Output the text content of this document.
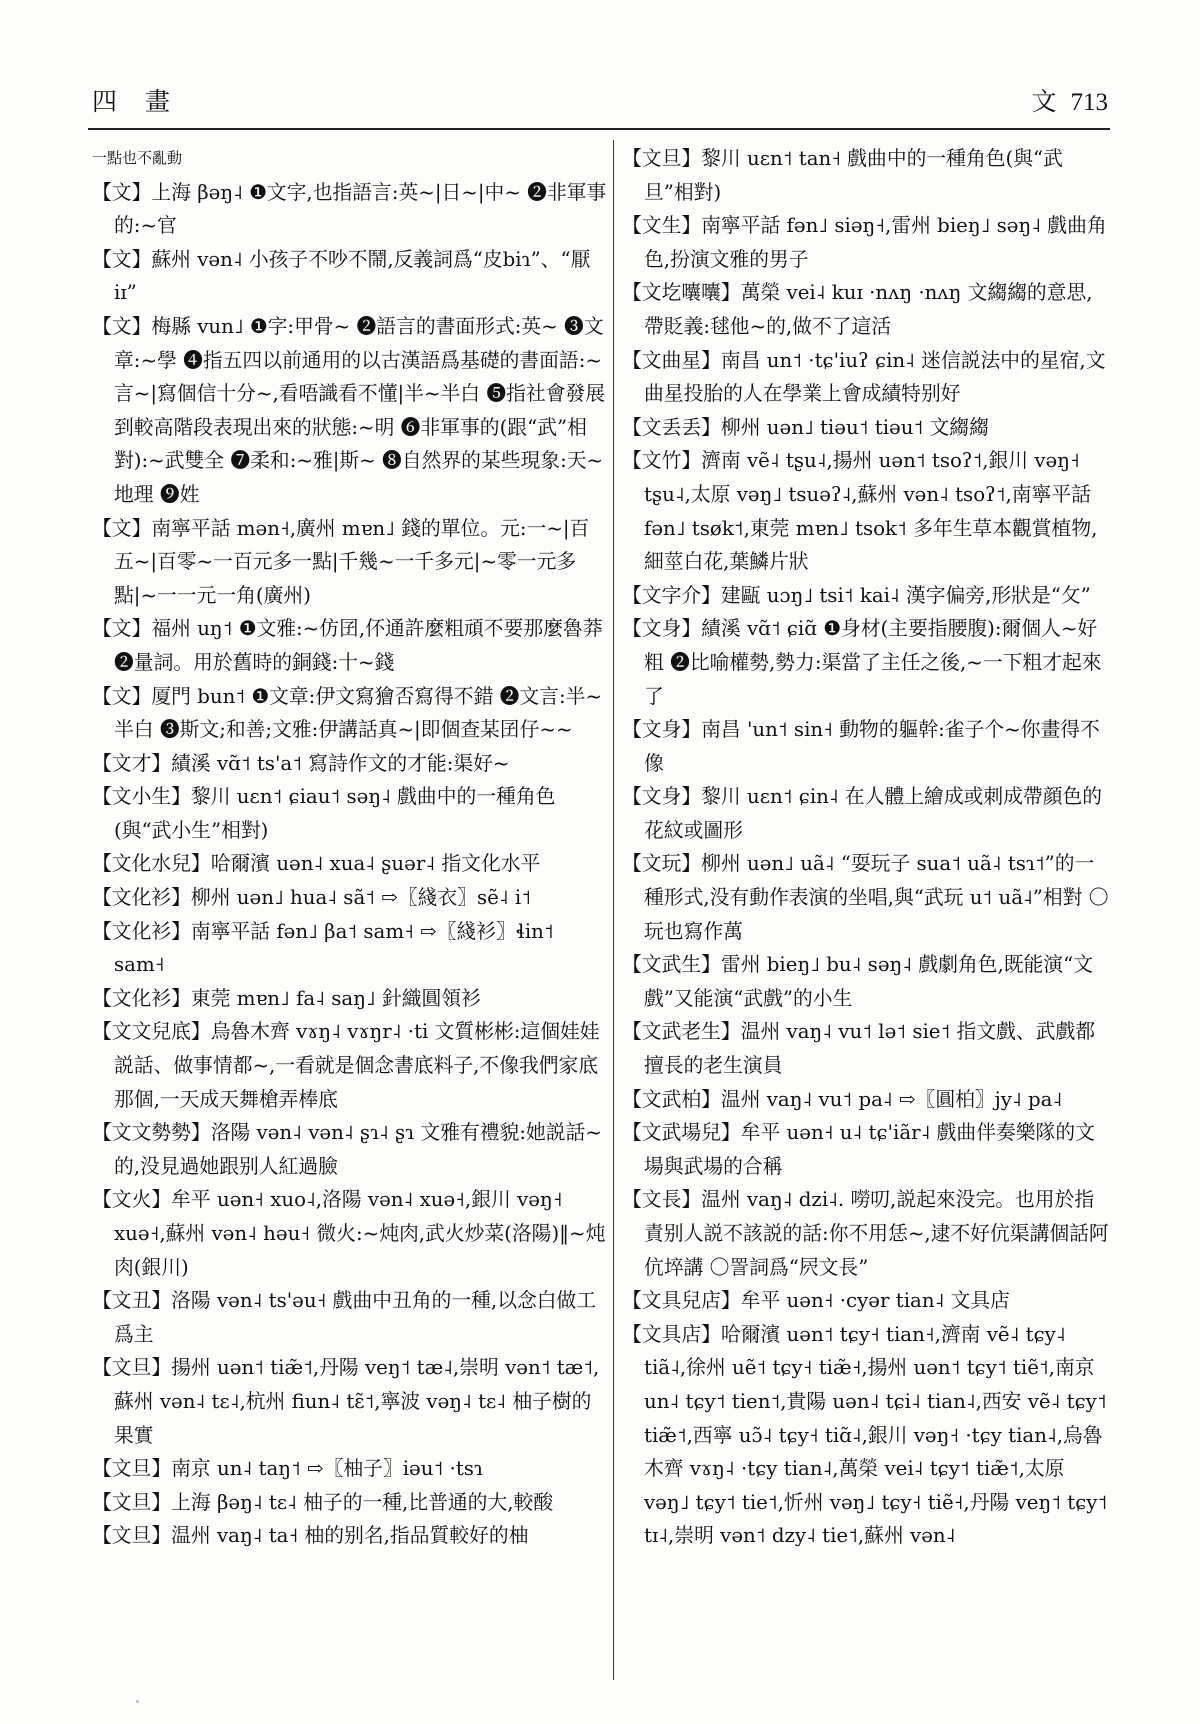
四 畫	文 713

一點也不亂動

【文】上海 βəŋ˨ ❶文字,也指語言:英~|日~|中~ ❷非軍事的:~官

【文】蘇州 vən˨ 小孩子不吵不鬧,反義詞爲“皮biɿ”、“厭 iɪ”

【文】梅縣 vun˩ ❶字:甲骨~ ❷語言的書面形式:英~ ❸文章:~學 ❹指五四以前通用的以古漢語爲基礎的書面語:~言~|寫個信十分~,看唔識看不懂|半~半白 ❺指社會發展到較高階段表現出來的狀態:~明 ❻非軍事的(跟“武”相對):~武雙全 ❼柔和:~雅|斯~ ❽自然界的某些現象:天~地理 ❾姓

【文】南寧平話 mən˧,廣州 mɐn˩ 錢的單位。元:一~|百五~|百零~一百元多一點|千幾~一千多元|~零一元多點|~一一元一角(廣州)

【文】福州 uŋ˦ ❶文雅:~仿囝,伓通許麼粗頑不要那麼魯莽 ❷量詞。用於舊時的銅錢:十~錢

【文】厦門 bun˦ ❶文章:伊文寫獪否寫得不錯 ❷文言:半~半白 ❸斯文;和善;文雅:伊講話真~|即個查某囝仔~~

【文才】績溪 vɑ̃˦ ts'a˦ 寫詩作文的才能:渠好~

【文小生】黎川 uɛn˦ ɕiau˦ səŋ˨ 戲曲中的一種角色(與“武小生”相對)

【文化水兒】哈爾濱 uən˨ xua˨ ʂuər˨ 指文化水平

【文化衫】柳州 uən˩ hua˨ sã˦ ⇨〖綫衣〗sẽ˨ i˦

【文化衫】南寧平話 fən˩ βa˦ sam˧ ⇨〖綫衫〗ɬin˦ sam˧

【文化衫】東莞 mɐn˩ fa˨ saŋ˩ 針織圓領衫

【文文兒底】烏魯木齊 vɤŋ˨ vɤŋr˨ ·ti 文質彬彬:這個娃娃説話、做事情都~,一看就是個念書底料子,不像我們家底那個,一天成天舞槍弄棒底

【文文勢勢】洛陽 vən˨ vən˨ ʂɿ˨ ʂɿ 文雅有禮貌:她説話~的,没見過她跟别人紅過臉

【文火】牟平 uən˧ xuo˨,洛陽 vən˨ xuə˧,銀川 vəŋ˧ xuə˧,蘇州 vən˨ həu˧ 微火:~炖肉,武火炒菜(洛陽)‖~炖肉(銀川)

【文丑】洛陽 vən˨ ts'əu˧ 戲曲中丑角的一種,以念白做工爲主

【文旦】揚州 uən˦ tiæ̃˦,丹陽 veŋ˦ tæ˨,崇明 vən˦ tæ˦,蘇州 vən˨ tɛ˨,杭州 fiun˨ tɛ̃˦,寧波 vəŋ˨ tɛ˨ 柚子樹的果實

【文旦】南京 un˨ taŋ˦ ⇨〖柚子〗iəu˦ ·tsɿ

【文旦】上海 βəŋ˨ tɛ˨ 柚子的一種,比普通的大,較酸

【文旦】温州 vaŋ˨ ta˧ 柚的别名,指品質較好的柚

【文旦】黎川 uɛn˦ tan˧ 戲曲中的一種角色(與“武旦”相對)

【文生】南寧平話 fən˩ siəŋ˧,雷州 bieŋ˩ səŋ˨ 戲曲角色,扮演文雅的男子

【文圪囔囔】萬榮 vei˨ kuɪ ·nʌŋ ·nʌŋ 文縐縐的意思,帶貶義:毬他~的,做不了這活

【文曲星】南昌 un˦ ·tɕ'iuʔ ɕin˨ 迷信説法中的星宿,文曲星投胎的人在學業上會成績特别好

【文丢丢】柳州 uən˩ tiəu˦ tiəu˦ 文縐縐

【文竹】濟南 vẽ˨ tʂu˨,揚州 uən˦ tsoʔ˦,銀川 vəŋ˧ tʂu˨,太原 vəŋ˩ tsuəʔ˨,蘇州 vən˨ tsoʔ˦,南寧平話 fən˩ tsøk˦,東莞 mɐn˩ tsok˦ 多年生草本觀賞植物,細莖白花,葉鱗片狀

【文字介】建甌 uɔŋ˩ tsi˦ kai˨ 漢字偏旁,形狀是“⺙”

【文身】績溪 vɑ̃˦ ɕiɑ̃ ❶身材(主要指腰腹):爾個人~好粗 ❷比喻權勢,勢力:渠當了主任之後,~一下粗才起來了

【文身】南昌 'un˦ sin˧ 動物的軀幹:雀子个~你畫得不像

【文身】黎川 uɛn˦ ɕin˨ 在人體上繪成或刺成帶顔色的花紋或圖形

【文玩】柳州 uən˩ uã˨ “耍玩子 sua˦ uã˨ tsɿ˦”的一種形式,没有動作表演的坐唱,與“武玩 u˦ uã˨”相對 〇玩也寫作萬

【文武生】雷州 bieŋ˩ bu˨ səŋ˨ 戲劇角色,既能演“文戲”又能演“武戲”的小生

【文武老生】温州 vaŋ˨ vu˦ lə˦ sie˦ 指文戲、武戲都擅長的老生演員

【文武柏】温州 vaŋ˨ vu˦ pa˨ ⇨〖圓柏〗jy˨ pa˨

【文武場兒】牟平 uən˧ u˨ tɕ'iãr˨ 戲曲伴奏樂隊的文場與武場的合稱

【文長】温州 vaŋ˨ dzi˨. 嘮叨,説起來没完。也用於指責别人説不該説的話:你不用恁~,逮不好伉渠講個話阿伉埣講 〇詈詞爲“屄文長”

【文具兒店】牟平 uən˧ ·cyər tian˨ 文具店

【文具店】哈爾濱 uən˦ tɕy˧ tian˧,濟南 vẽ˨ tɕy˨ tiã˨,徐州 uẽ˦ tɕy˧ tiæ̃˧,揚州 uən˦ tɕy˦ tiẽ˦,南京 un˨ tɕy˦ tien˦,貴陽 uən˨ tɕi˨ tian˨,西安 vẽ˨ tɕy˦ tiæ̃˦,西寧 uɔ̃˨ tɕy˧ tiɑ̃˨,銀川 vəŋ˧ ·tɕy tian˨,烏魯木齊 vɤŋ˨ ·tɕy tian˨,萬榮 vei˨ tɕy˦ tiæ̃˦,太原 vəŋ˩ tɕy˦ tie˦,忻州 vəŋ˩ tɕy˧ tiẽ˧,丹陽 veŋ˦ tɕy˦ tɪ˨,崇明 vən˦ dzy˨ tie˦,蘇州 vən˨
